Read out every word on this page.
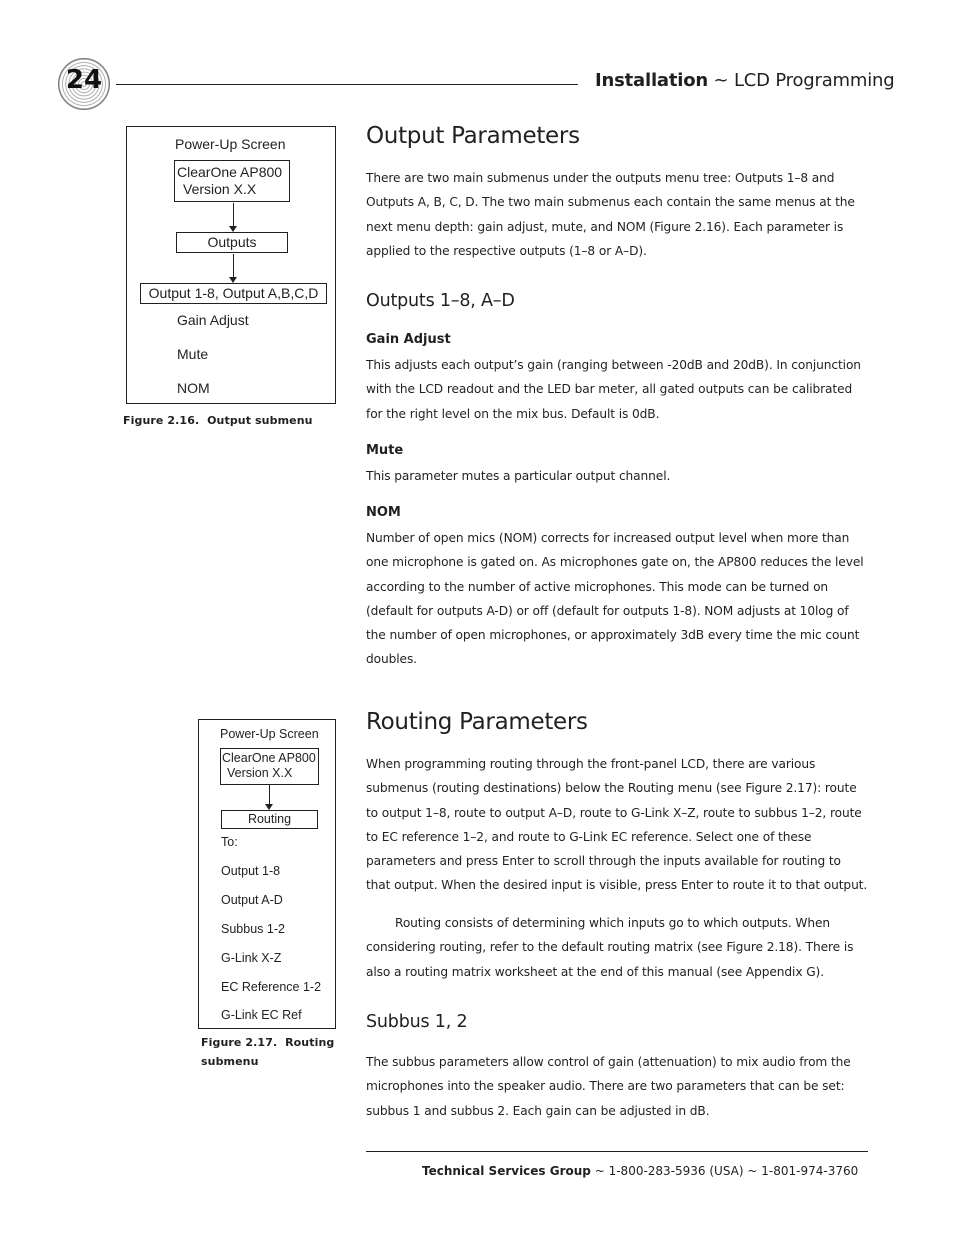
24	Installation ~ LCD Programming
Power-Up Screen
ClearOne AP800
Version X.X
Outputs
Output 1-8, Output A,B,C,D
Gain Adjust
Mute
NOM
Figure 2.16.  Output submenu
Output Parameters

There are two main submenus under the outputs menu tree: Outputs 1–8 and Outputs A, B, C, D. The two main submenus each contain the same menus at the next menu depth: gain adjust, mute, and NOM (Figure 2.16). Each parameter is applied to the respective outputs (1–8 or A–D).

Outputs 1–8, A–D
Gain Adjust

This adjusts each output’s gain (ranging between -20dB and 20dB). In conjunction with the LCD readout and the LED bar meter, all gated outputs can be calibrated for the right level on the mix bus. Default is 0dB.

Mute

This parameter mutes a particular output channel.

NOM

Number of open mics (NOM) corrects for increased output level when more than one microphone is gated on. As microphones gate on, the AP800 reduces the level according to the number of active microphones. This mode can be turned on (default for outputs A-D) or off (default for outputs 1-8). NOM adjusts at 10log of the number of open microphones, or approximately 3dB every time the mic count doubles.

Power-Up Screen
ClearOne AP800
Version X.X
Routing
To:
Output 1-8
Output A-D
Subbus 1-2
G-Link X-Z
EC Reference 1-2
G-Link EC Ref
Figure 2.17.  Routing
submenu
Routing Parameters

When programming routing through the front-panel LCD, there are various submenus (routing destinations) below the Routing menu (see Figure 2.17): route to output 1–8, route to output A–D, route to G-Link X–Z, route to subbus 1–2, route to EC reference 1–2, and route to G-Link EC reference. Select one of these parameters and press Enter to scroll through the inputs available for routing to that output. When the desired input is visible, press Enter to route it to that output.

Routing consists of determining which inputs go to which outputs. When considering routing, refer to the default routing matrix (see Figure 2.18). There is also a routing matrix worksheet at the end of this manual (see Appendix G).

Subbus 1, 2

The subbus parameters allow control of gain (attenuation) to mix audio from the microphones into the speaker audio. There are two parameters that can be set: subbus 1 and subbus 2. Each gain can be adjusted in dB.

Technical Services Group ~ 1-800-283-5936 (USA) ~ 1-801-974-3760
